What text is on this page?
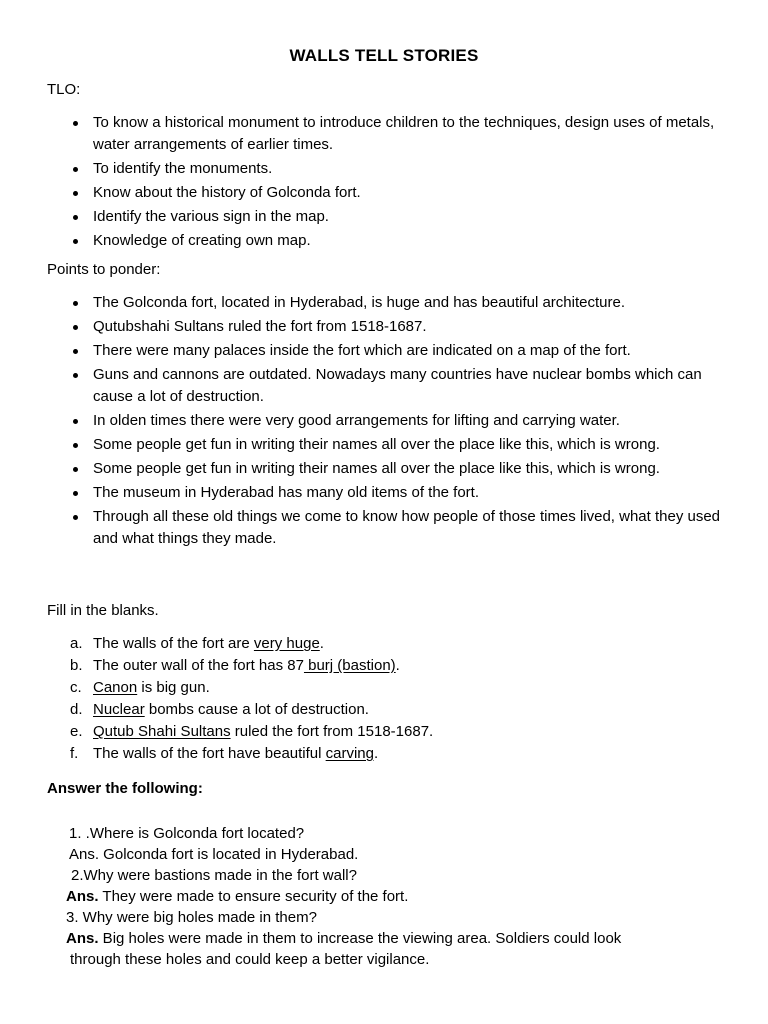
WALLS TELL STORIES
TLO:
To know a historical monument to introduce children to the techniques, design uses of metals, water arrangements of earlier times.
To identify the monuments.
Know about the history of Golconda fort.
Identify the various sign in the map.
Knowledge of creating own map.
Points to ponder:
The Golconda fort, located in Hyderabad, is huge and has beautiful architecture.
Qutubshahi Sultans ruled the fort from 1518-1687.
There were many palaces inside the fort which are indicated on a map of the fort.
Guns and cannons are outdated. Nowadays many countries have nuclear bombs which can cause a lot of destruction.
In olden times there were very good arrangements for lifting and carrying water.
Some people get fun in writing their names all over the place like this, which is wrong.
Some people get fun in writing their names all over the place like this, which is wrong.
The museum in Hyderabad has many old items of the fort.
Through all these old things we come to know how people of those times lived, what they used and what things they made.
Fill in the blanks.
a. The walls of the fort are very huge.
b. The outer wall of the fort has 87 burj (bastion).
c. Canon is big gun.
d. Nuclear bombs cause a lot of destruction.
e. Qutub Shahi Sultans ruled the fort from 1518-1687.
f. The walls of the fort have beautiful carving.
Answer the following:
1. .Where is Golconda fort located?
Ans. Golconda fort is located in Hyderabad.
2.Why were bastions made in the fort wall?
Ans. They were made to ensure security of the fort.
3. Why were big holes made in them?
Ans. Big holes were made in them to increase the viewing area. Soldiers could look
through these holes and could keep a better vigilance.
